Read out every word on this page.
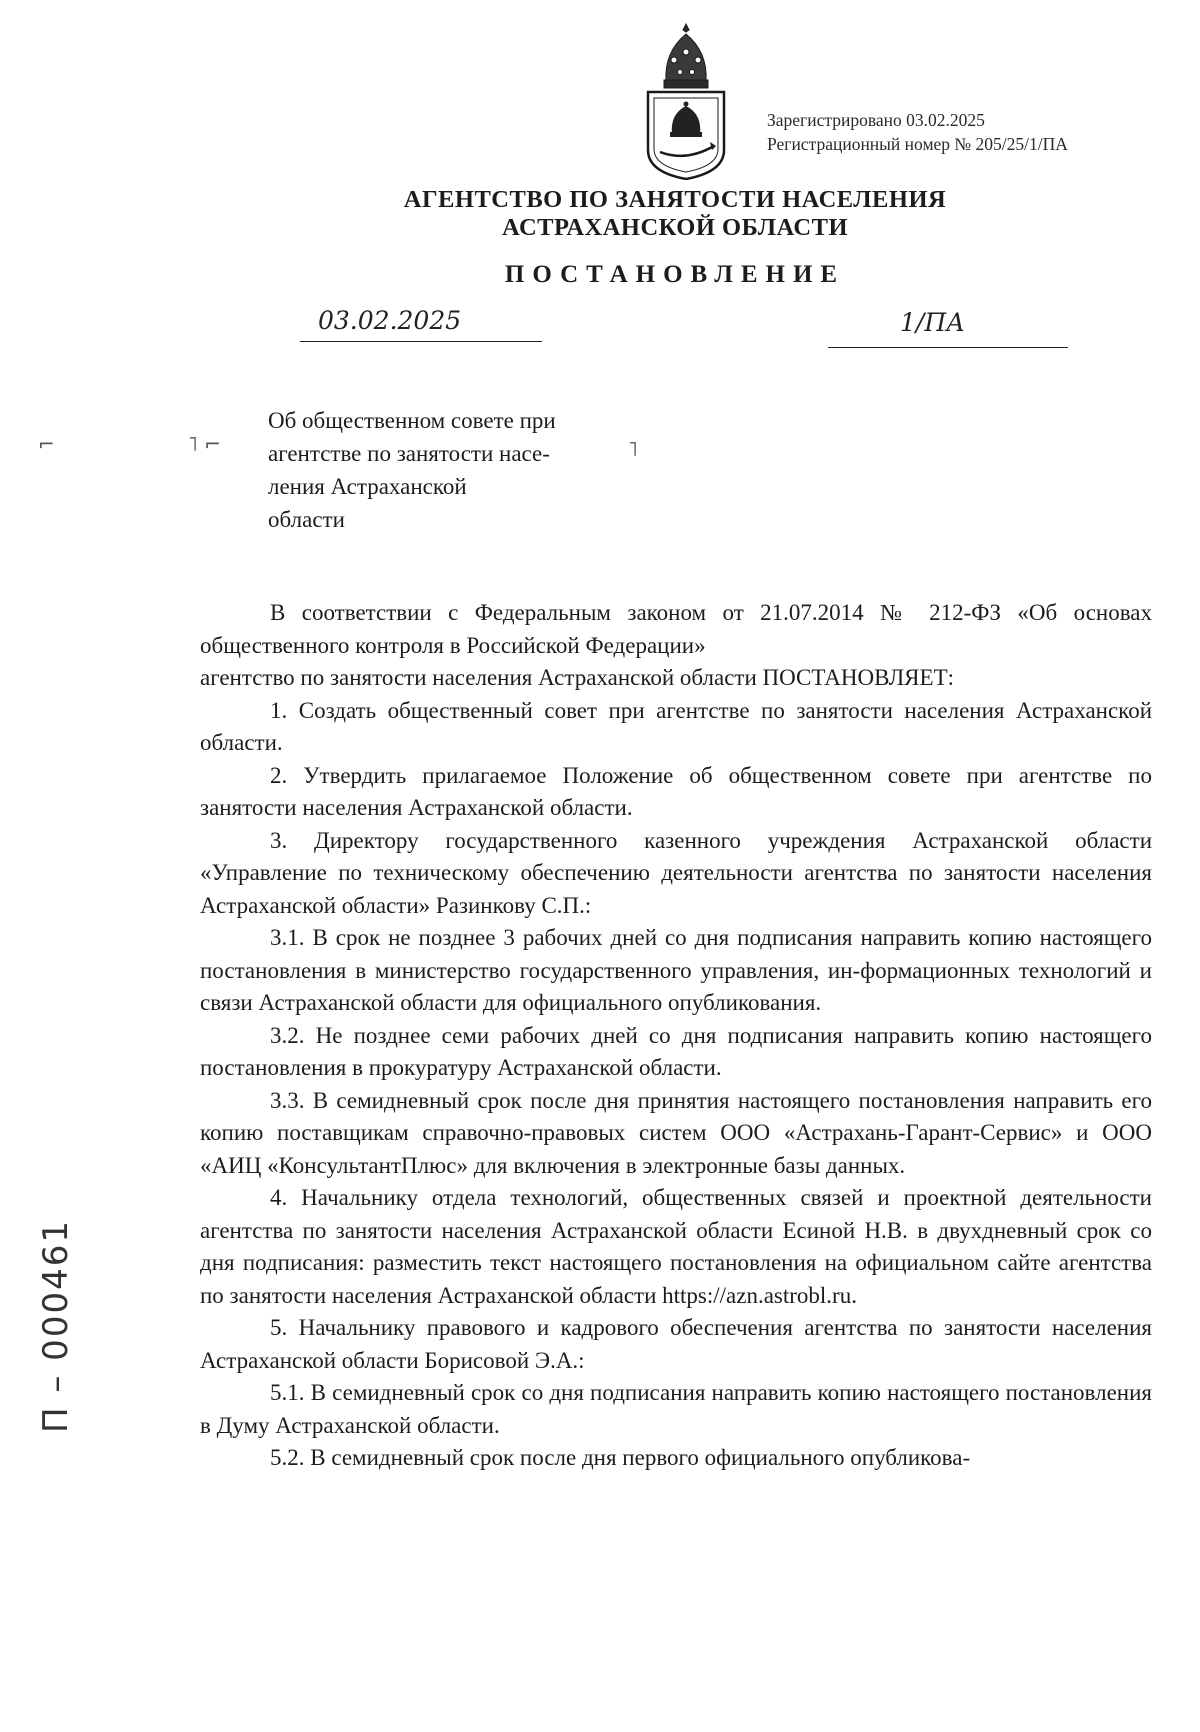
Зарегистрировано 03.02.2025
Регистрационный номер № 205/25/1/ПА
АГЕНТСТВО ПО ЗАНЯТОСТИ НАСЕЛЕНИЯ
АСТРАХАНСКОЙ ОБЛАСТИ
ПОСТАНОВЛЕНИЕ
03.02.2025	1/ПА
⌐	˥ ⌐	˥
Об общественном совете при
агентстве по занятости насе-
ления Астраханской
области

В соответствии с Федеральным законом от 21.07.2014 № 212-ФЗ «Об основах общественного контроля в Российской Федерации»

агентство по занятости населения Астраханской области ПОСТАНОВЛЯЕТ:

1. Создать общественный совет при агентстве по занятости населения Астраханской области.

2. Утвердить прилагаемое Положение об общественном совете при агентстве по занятости населения Астраханской области.

3. Директору государственного казенного учреждения Астраханской области «Управление по техническому обеспечению деятельности агентства по занятости населения Астраханской области» Разинкову С.П.:

3.1. В срок не позднее 3 рабочих дней со дня подписания направить копию настоящего постановления в министерство государственного управления, ин-формационных технологий и связи Астраханской области для официального опубликования.

3.2. Не позднее семи рабочих дней со дня подписания направить копию настоящего постановления в прокуратуру Астраханской области.

3.3. В семидневный срок после дня принятия настоящего постановления направить его копию поставщикам справочно-правовых систем ООО «Астрахань-Гарант-Сервис» и ООО «АИЦ «КонсультантПлюс» для включения в электронные базы данных.

4. Начальнику отдела технологий, общественных связей и проектной деятельности агентства по занятости населения Астраханской области Есиной Н.В. в двухдневный срок со дня подписания: разместить текст настоящего постановления на официальном сайте агентства по занятости населения Астраханской области https://azn.astrobl.ru.

5. Начальнику правового и кадрового обеспечения агентства по занятости населения Астраханской области Борисовой Э.А.:

5.1. В семидневный срок со дня подписания направить копию настоящего постановления в Думу Астраханской области.

5.2. В семидневный срок после дня первого официального опубликова-

П – 000461
